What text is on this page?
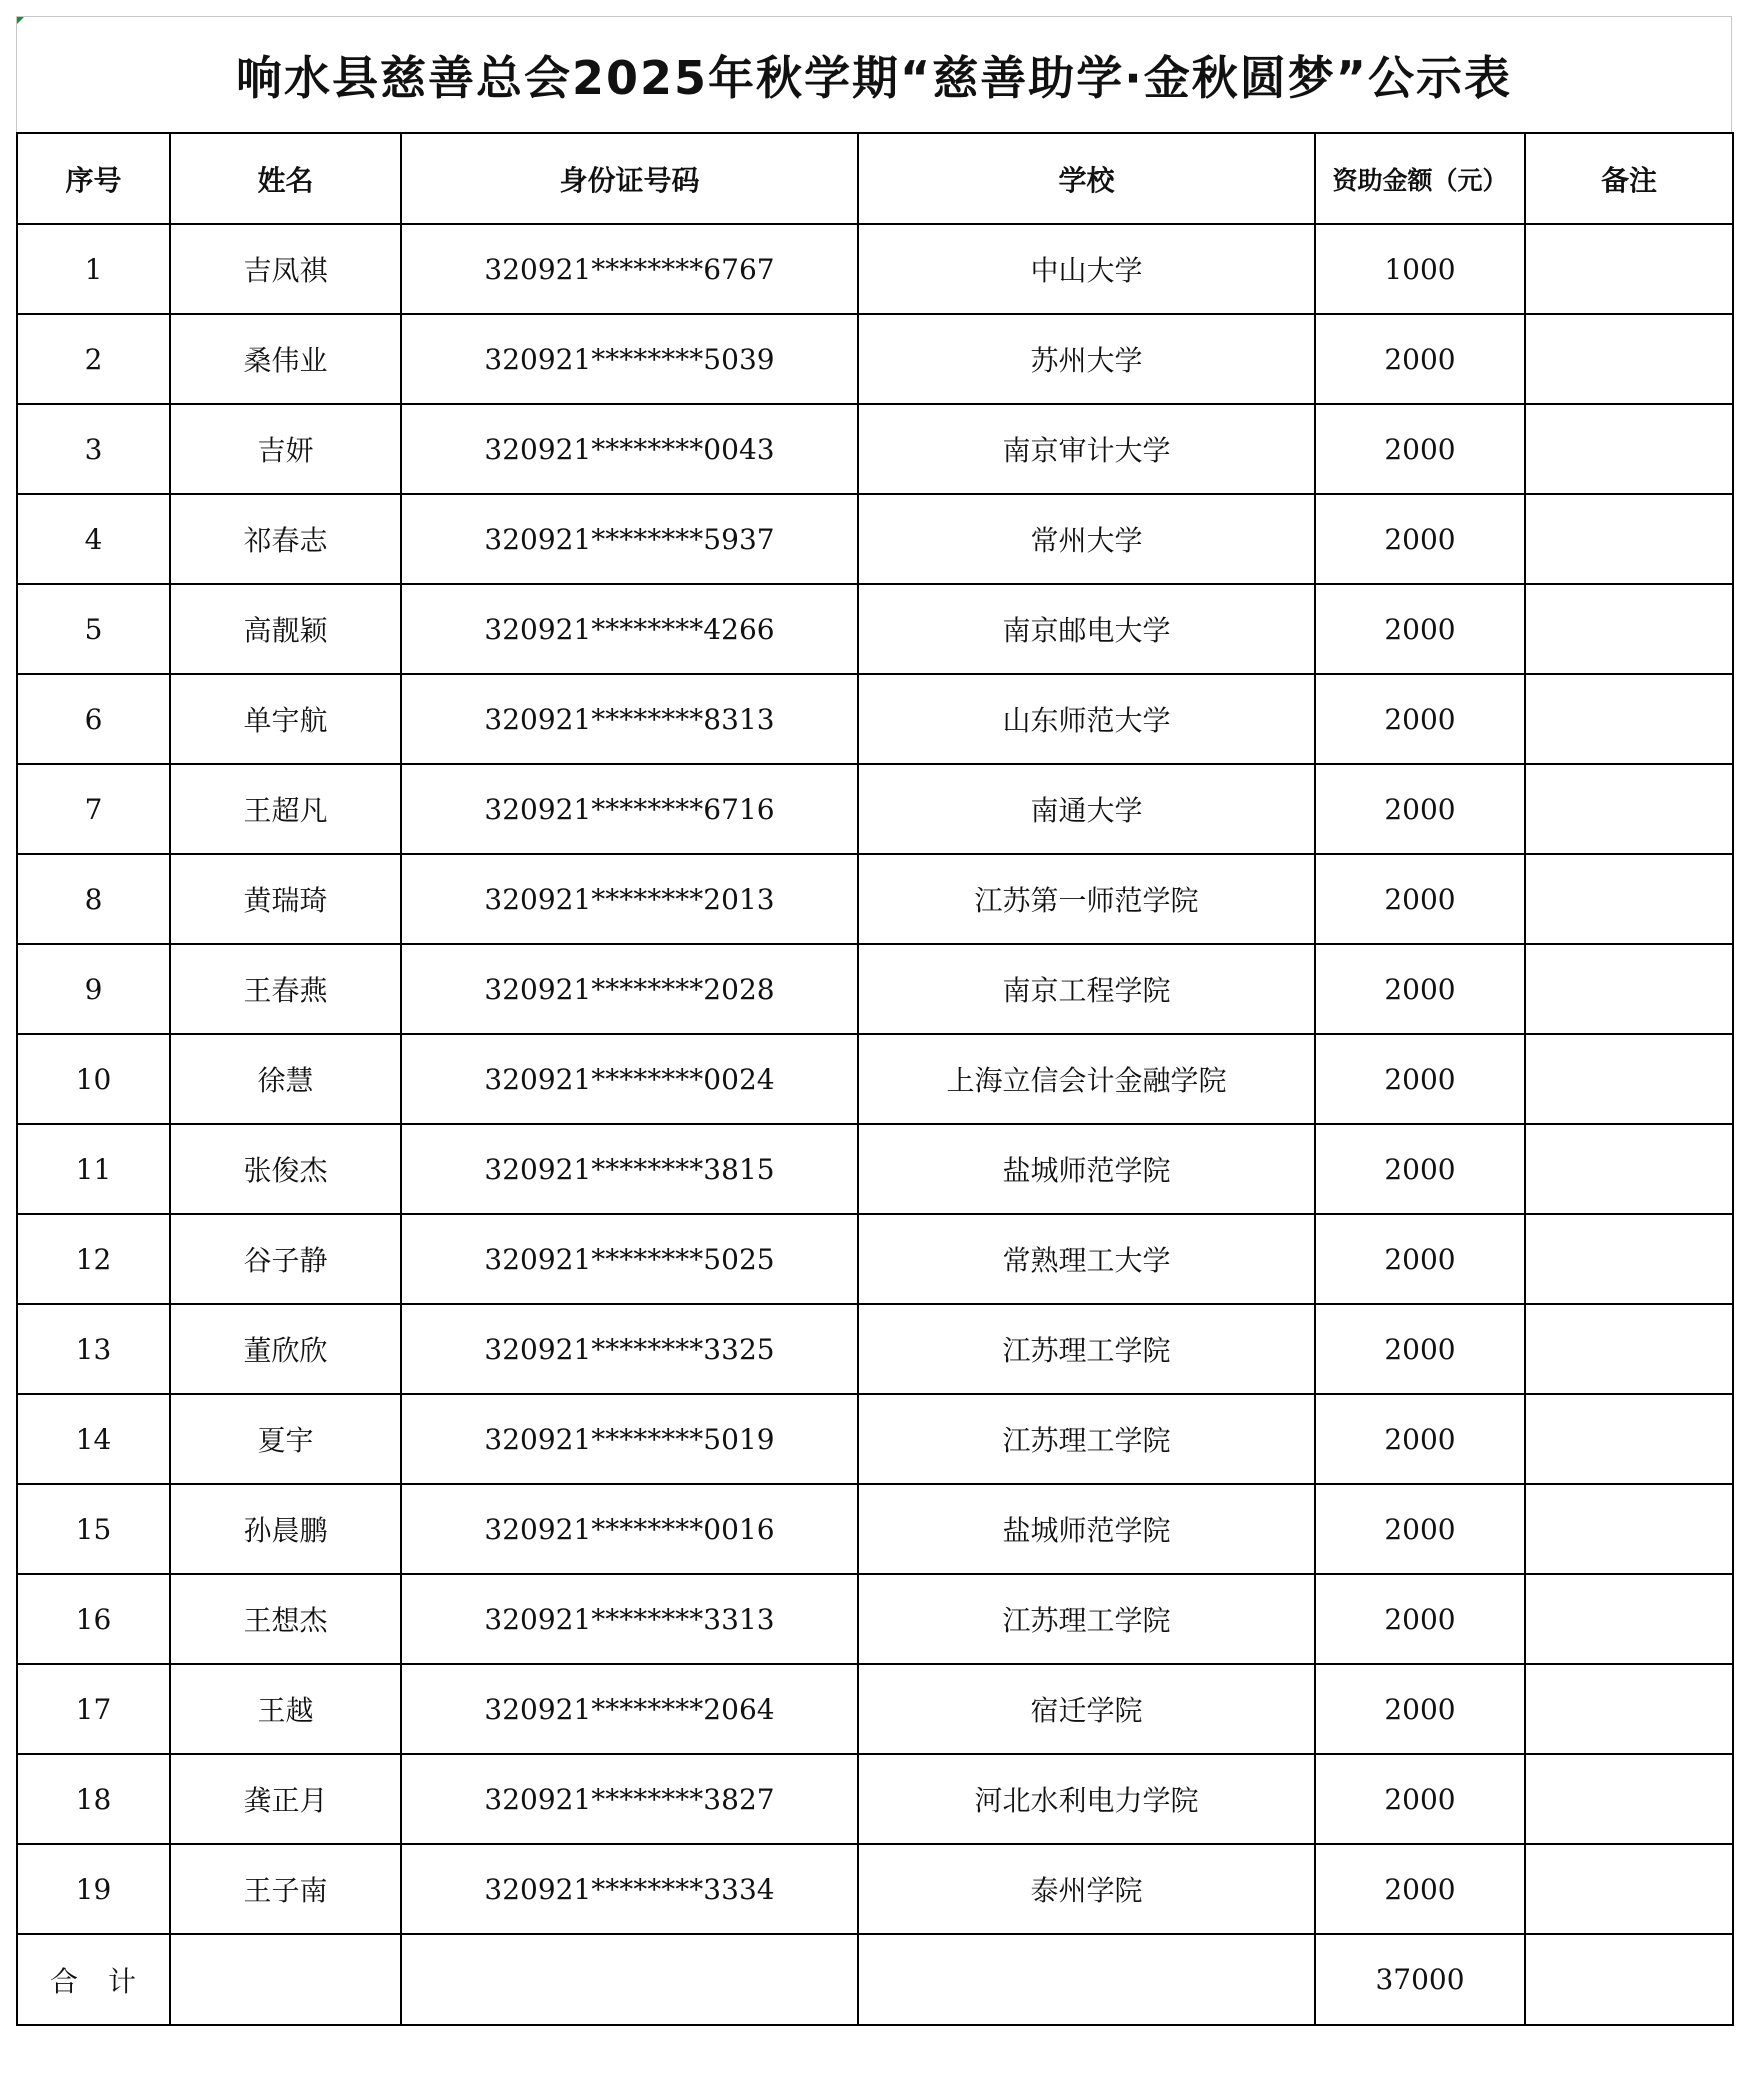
响水县慈善总会2025年秋学期“慈善助学·金秋圆梦”公示表
序号	姓名	身份证号码	学校	资助金额（元）	备注
1	吉凤祺	320921********6767	中山大学	1000	
2	桑伟业	320921********5039	苏州大学	2000	
3	吉妍	320921********0043	南京审计大学	2000	
4	祁春志	320921********5937	常州大学	2000	
5	高靓颖	320921********4266	南京邮电大学	2000	
6	单宇航	320921********8313	山东师范大学	2000	
7	王超凡	320921********6716	南通大学	2000	
8	黄瑞琦	320921********2013	江苏第一师范学院	2000	
9	王春燕	320921********2028	南京工程学院	2000	
10	徐慧	320921********0024	上海立信会计金融学院	2000	
11	张俊杰	320921********3815	盐城师范学院	2000	
12	谷子静	320921********5025	常熟理工大学	2000	
13	董欣欣	320921********3325	江苏理工学院	2000	
14	夏宇	320921********5019	江苏理工学院	2000	
15	孙晨鹏	320921********0016	盐城师范学院	2000	
16	王想杰	320921********3313	江苏理工学院	2000	
17	王越	320921********2064	宿迁学院	2000	
18	龚正月	320921********3827	河北水利电力学院	2000	
19	王子南	320921********3334	泰州学院	2000	
合计				37000	
